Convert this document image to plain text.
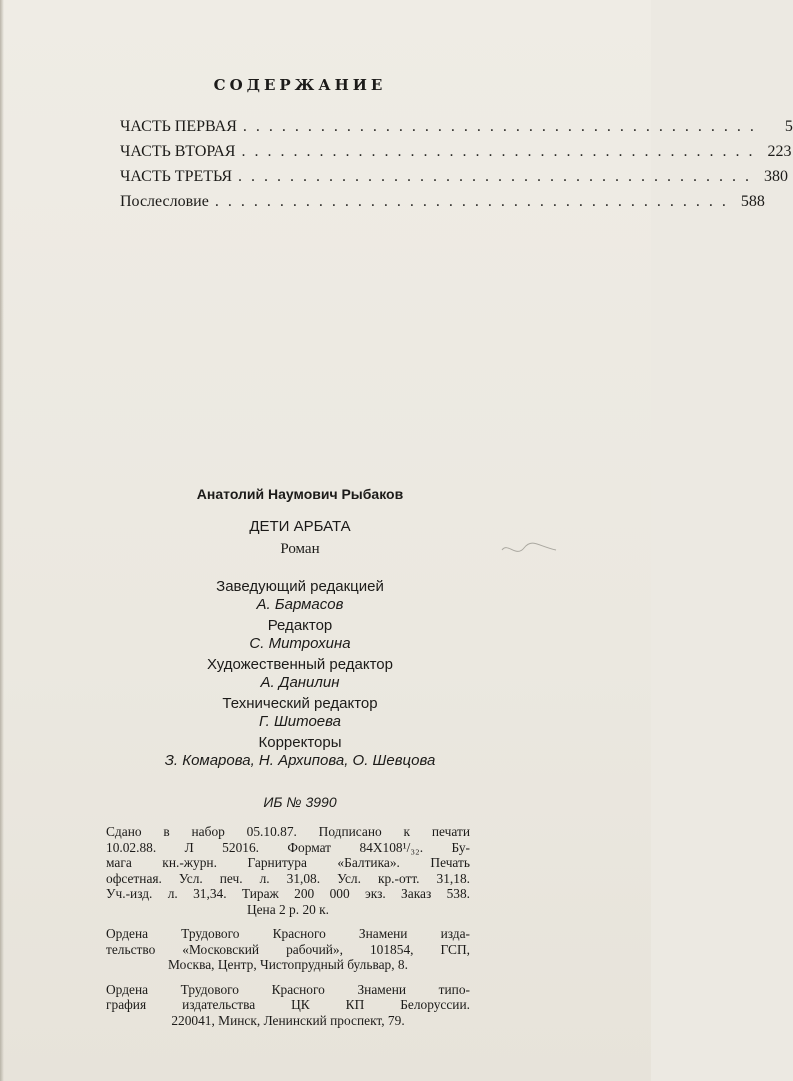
СОДЕРЖАНИЕ
ЧАСТЬ ПЕРВАЯ ........................................	5
ЧАСТЬ ВТОРАЯ ........................................ 223
ЧАСТЬ ТРЕТЬЯ ........................................ 380
Послесловие ........................................ 588
Анатолий Наумович Рыбаков
ДЕТИ АРБАТА
Роман
Заведующий редакцией
А. Бармасов
Редактор
С. Митрохина
Художественный редактор
А. Данилин
Технический редактор
Г. Шитоева
Корректоры
З. Комарова, Н. Архипова, О. Шевцова
ИБ № 3990
Сдано в набор 05.10.87. Подписано к печати
10.02.88. Л 52016. Формат 84Х108¹/₃₂. Бу-
мага кн.-журн. Гарнитура «Балтика». Печать
офсетная. Усл. печ. л. 31,08. Усл. кр.-отт. 31,18.
Уч.-изд. л. 31,34. Тираж 200 000 экз. Заказ 538.
Цена 2 р. 20 к.
Ордена Трудового Красного Знамени изда-
тельство «Московский рабочий», 101854, ГСП,
Москва, Центр, Чистопрудный бульвар, 8.
Ордена Трудового Красного Знамени типо-
графия издательства ЦК КП Белоруссии.
220041, Минск, Ленинский проспект, 79.
